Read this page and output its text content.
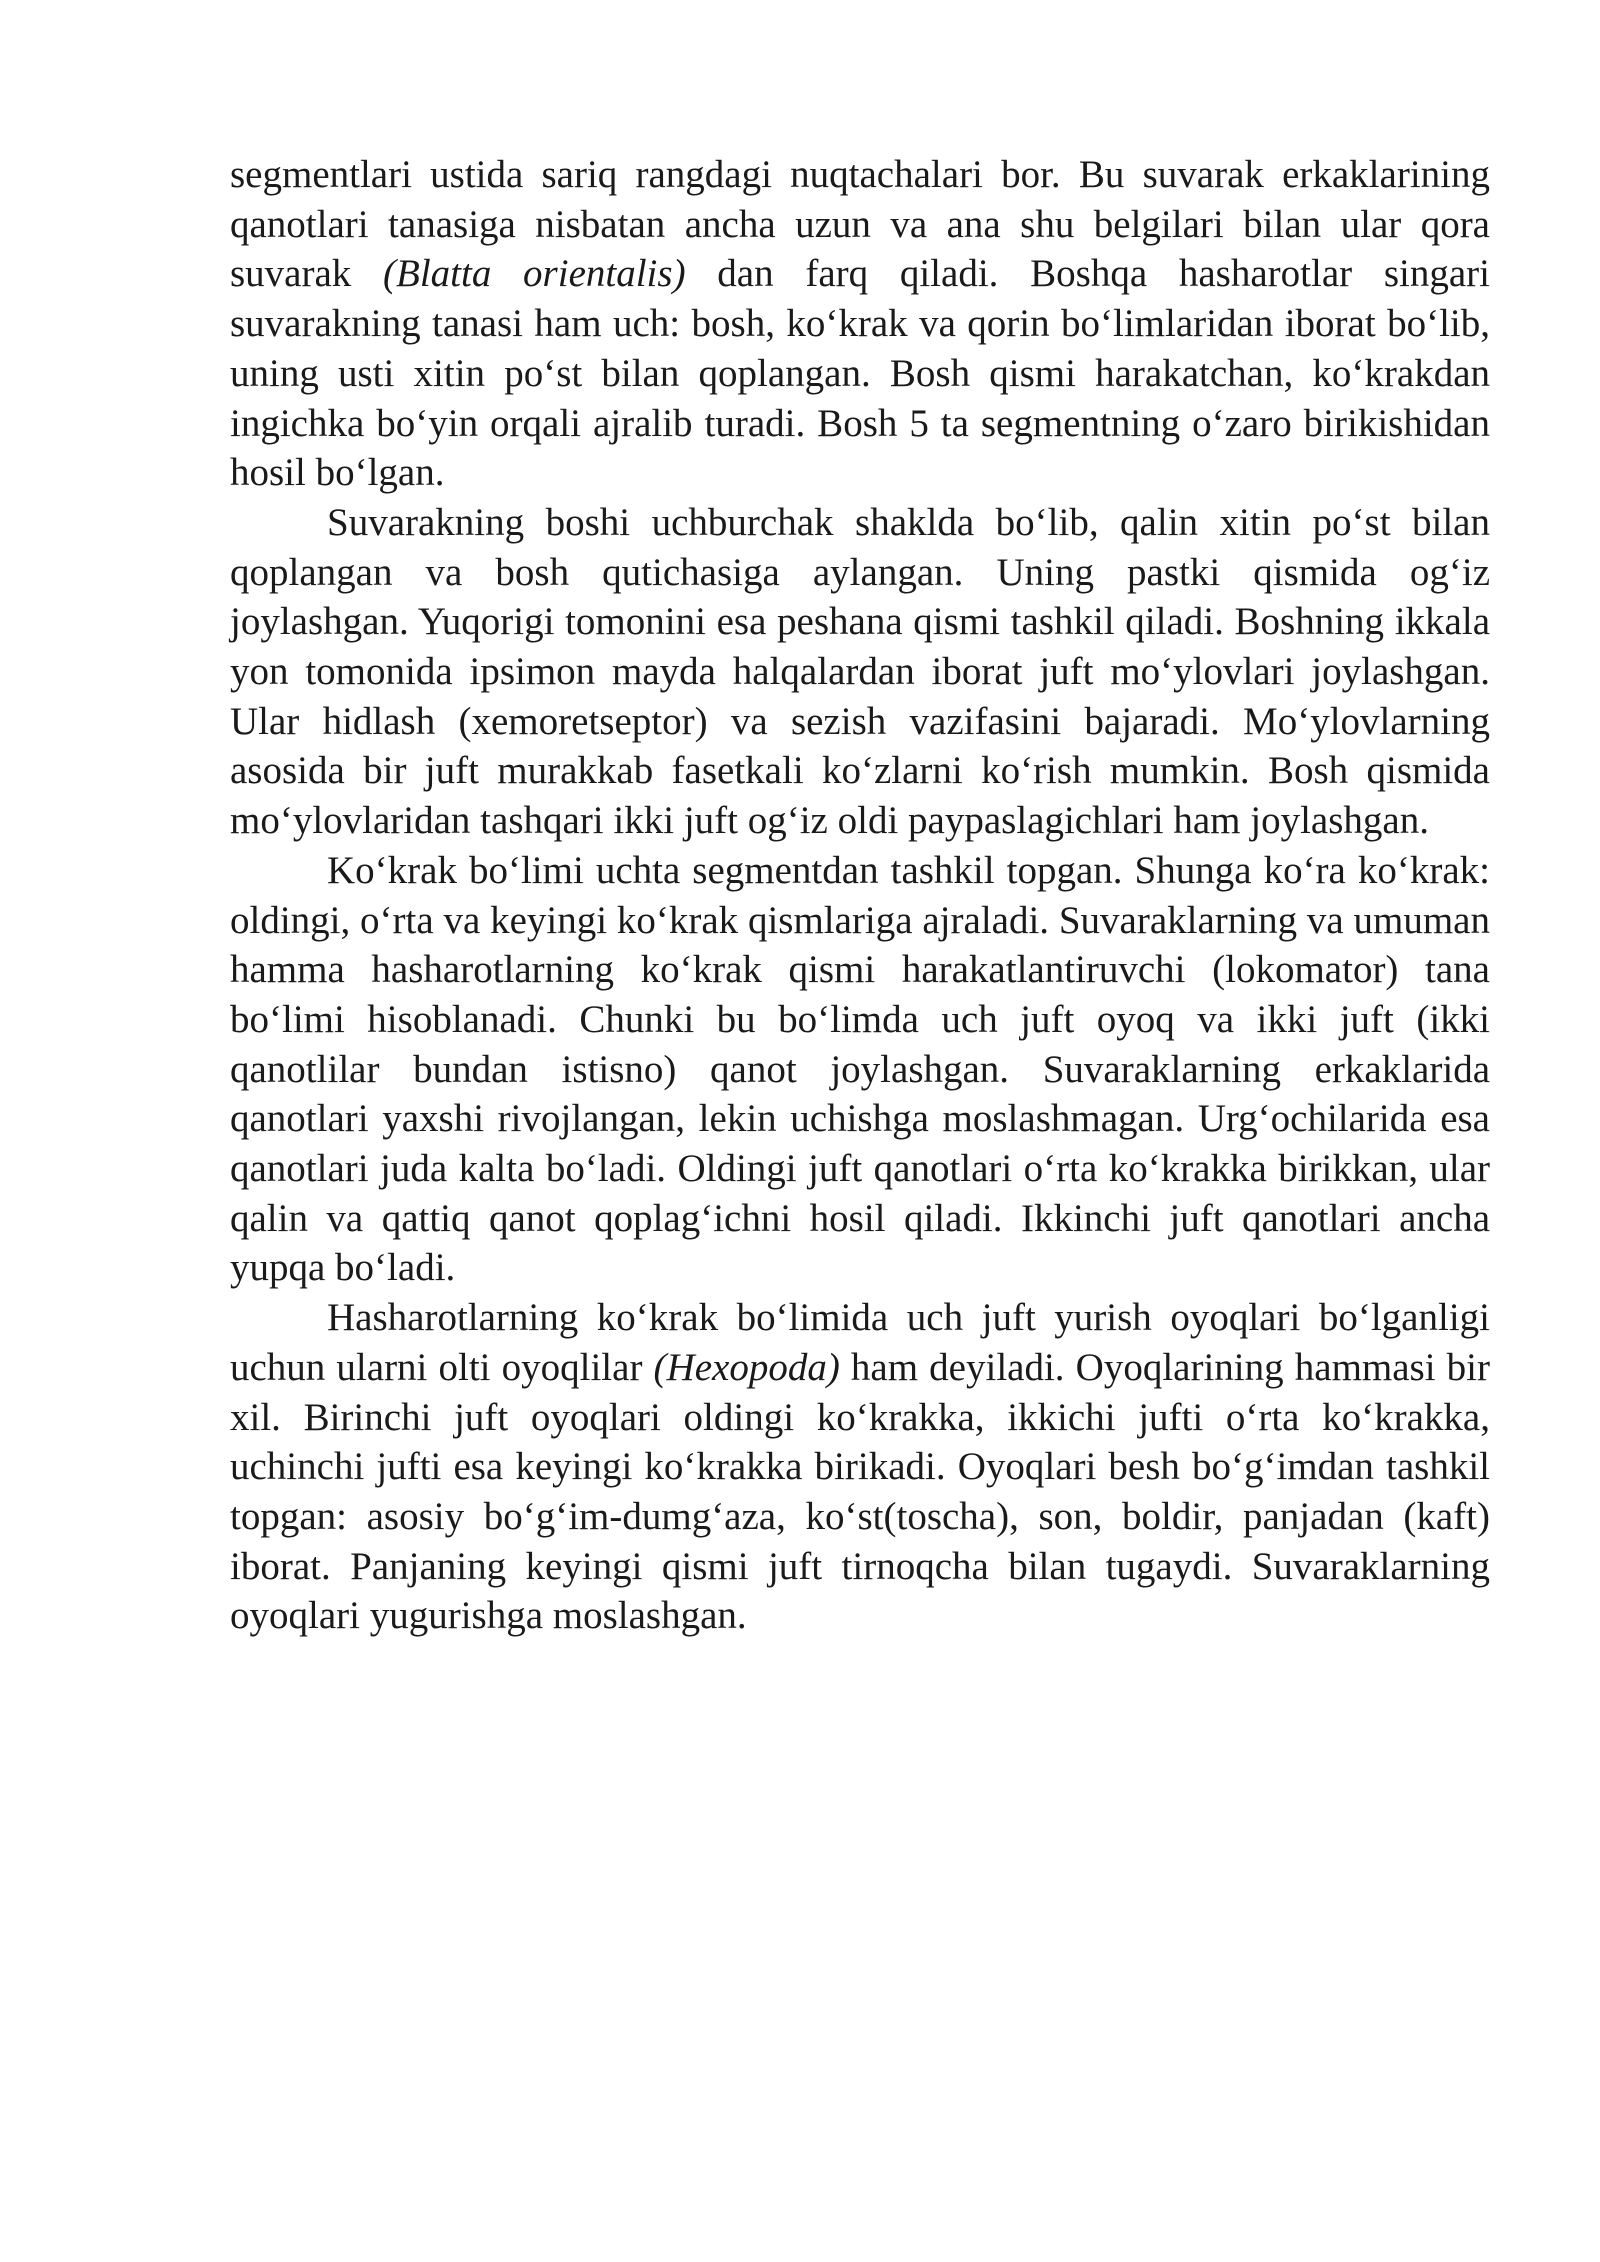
segmentlari ustida sariq rangdagi nuqtachalari bor. Bu suvarak erkaklarining qanotlari tanasiga nisbatan ancha uzun va ana shu belgilari bilan ular qora suvarak (Blatta orientalis) dan farq qiladi. Boshqa hasharotlar singari suvarakning tanasi ham uch: bosh, ko‘krak va qorin bo‘limlaridan iborat bo‘lib, uning usti xitin po‘st bilan qoplangan. Bosh qismi harakatchan, ko‘krakdan ingichka bo‘yin orqali ajralib turadi. Bosh 5 ta segmentning o‘zaro birikishidan hosil bo‘lgan.

Suvarakning boshi uchburchak shaklda bo‘lib, qalin xitin po‘st bilan qoplangan va bosh qutichasiga aylangan. Uning pastki qismida og‘iz joylashgan. Yuqorigi tomonini esa peshana qismi tashkil qiladi. Boshning ikkala yon tomonida ipsimon mayda halqalardan iborat juft mo‘ylovlari joylashgan. Ular hidlash (xemoretseptor) va sezish vazifasini bajaradi. Mo‘ylovlarning asosida bir juft murakkab fasetkali ko‘zlarni ko‘rish mumkin. Bosh qismida mo‘ylovlaridan tashqari ikki juft og‘iz oldi paypaslagichlari ham joylashgan.

Ko‘krak bo‘limi uchta segmentdan tashkil topgan. Shunga ko‘ra ko‘krak: oldingi, o‘rta va keyingi ko‘krak qismlariga ajraladi. Suvaraklarning va umuman hamma hasharotlarning ko‘krak qismi harakatlantiruvchi (lokomator) tana bo‘limi hisoblanadi. Chunki bu bo‘limda uch juft oyoq va ikki juft (ikki qanotlilar bundan istisno) qanot joylashgan. Suvaraklarning erkaklarida qanotlari yaxshi rivojlangan, lekin uchishga moslashmagan. Urg‘ochilarida esa qanotlari juda kalta bo‘ladi. Oldingi juft qanotlari o‘rta ko‘krakka birikkan, ular qalin va qattiq qanot qoplag‘ichni hosil qiladi. Ikkinchi juft qanotlari ancha yupqa bo‘ladi.

Hasharotlarning ko‘krak bo‘limida uch juft yurish oyoqlari bo‘lganligi uchun ularni olti oyoqlilar (Hexopoda) ham deyiladi. Oyoqlarining hammasi bir xil. Birinchi juft oyoqlari oldingi ko‘krakka, ikkichi jufti o‘rta ko‘krakka, uchinchi jufti esa keyingi ko‘krakka birikadi. Oyoqlari besh bo‘g‘imdan tashkil topgan: asosiy bo‘g‘im-dumg‘aza, ko‘st(toscha), son, boldir, panjadan (kaft) iborat. Panjaning keyingi qismi juft tirnoqcha bilan tugaydi. Suvaraklarning oyoqlari yugurishga moslashgan.
